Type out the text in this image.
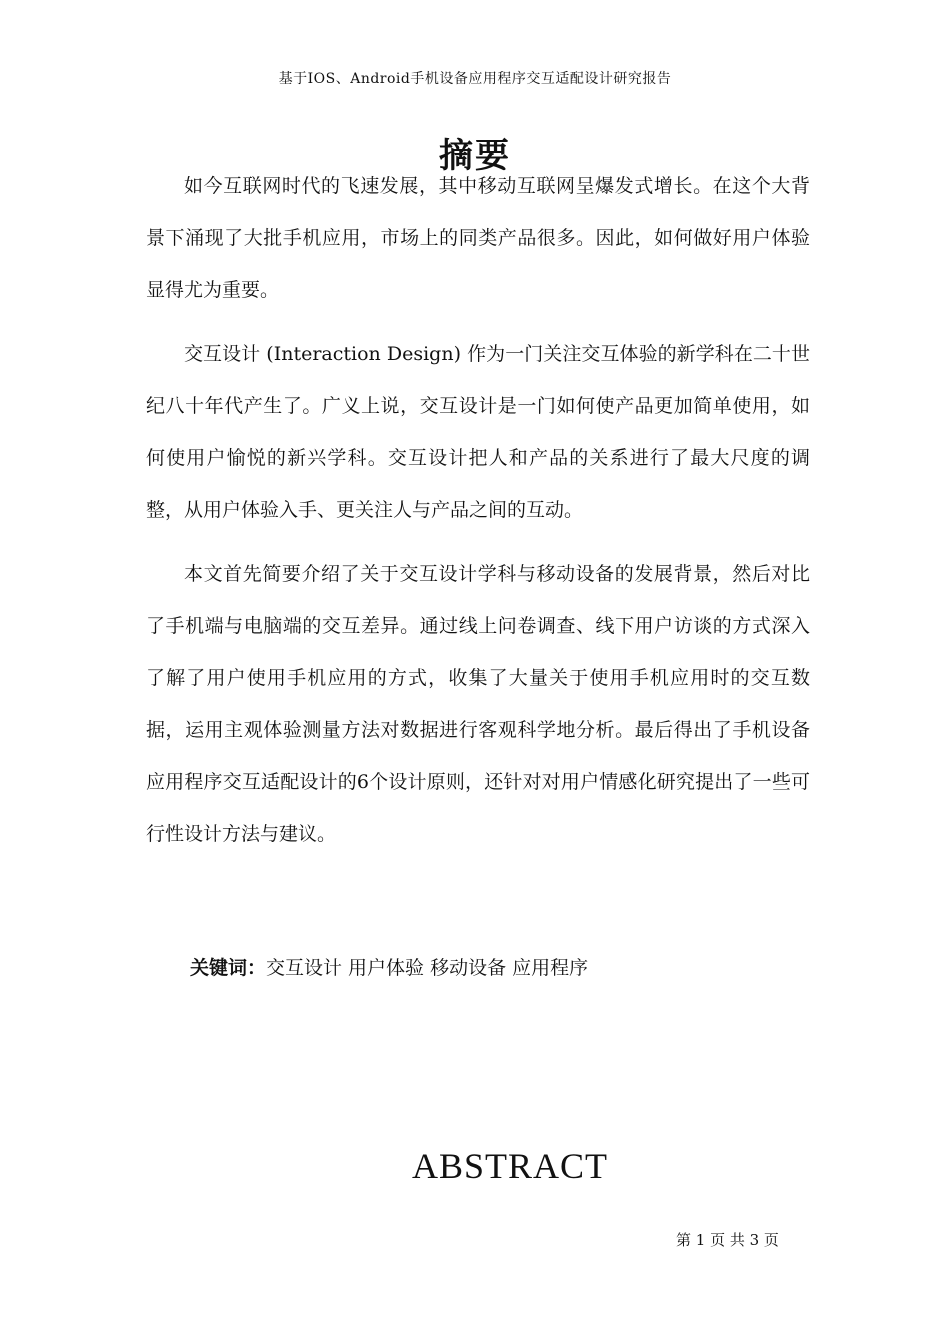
基于IOS、Android手机设备应用程序交互适配设计研究报告
摘要

如今互联网时代的飞速发展，其中移动互联网呈爆发式增长。在这个大背景下涌现了大批手机应用，市场上的同类产品很多。因此，如何做好用户体验显得尤为重要。

交互设计 (Interaction Design) 作为一门关注交互体验的新学科在二十世纪八十年代产生了。广义上说，交互设计是一门如何使产品更加简单使用，如何使用户愉悦的新兴学科。交互设计把人和产品的关系进行了最大尺度的调整，从用户体验入手、更关注人与产品之间的互动。

本文首先简要介绍了关于交互设计学科与移动设备的发展背景，然后对比了手机端与电脑端的交互差异。通过线上问卷调查、线下用户访谈的方式深入了解了用户使用手机应用的方式，收集了大量关于使用手机应用时的交互数据，运用主观体验测量方法对数据进行客观科学地分析。最后得出了手机设备应用程序交互适配设计的6个设计原则，还针对对用户情感化研究提出了一些可行性设计方法与建议。

关键词：交互设计 用户体验 移动设备 应用程序
ABSTRACT
第 1 页 共 3 页
